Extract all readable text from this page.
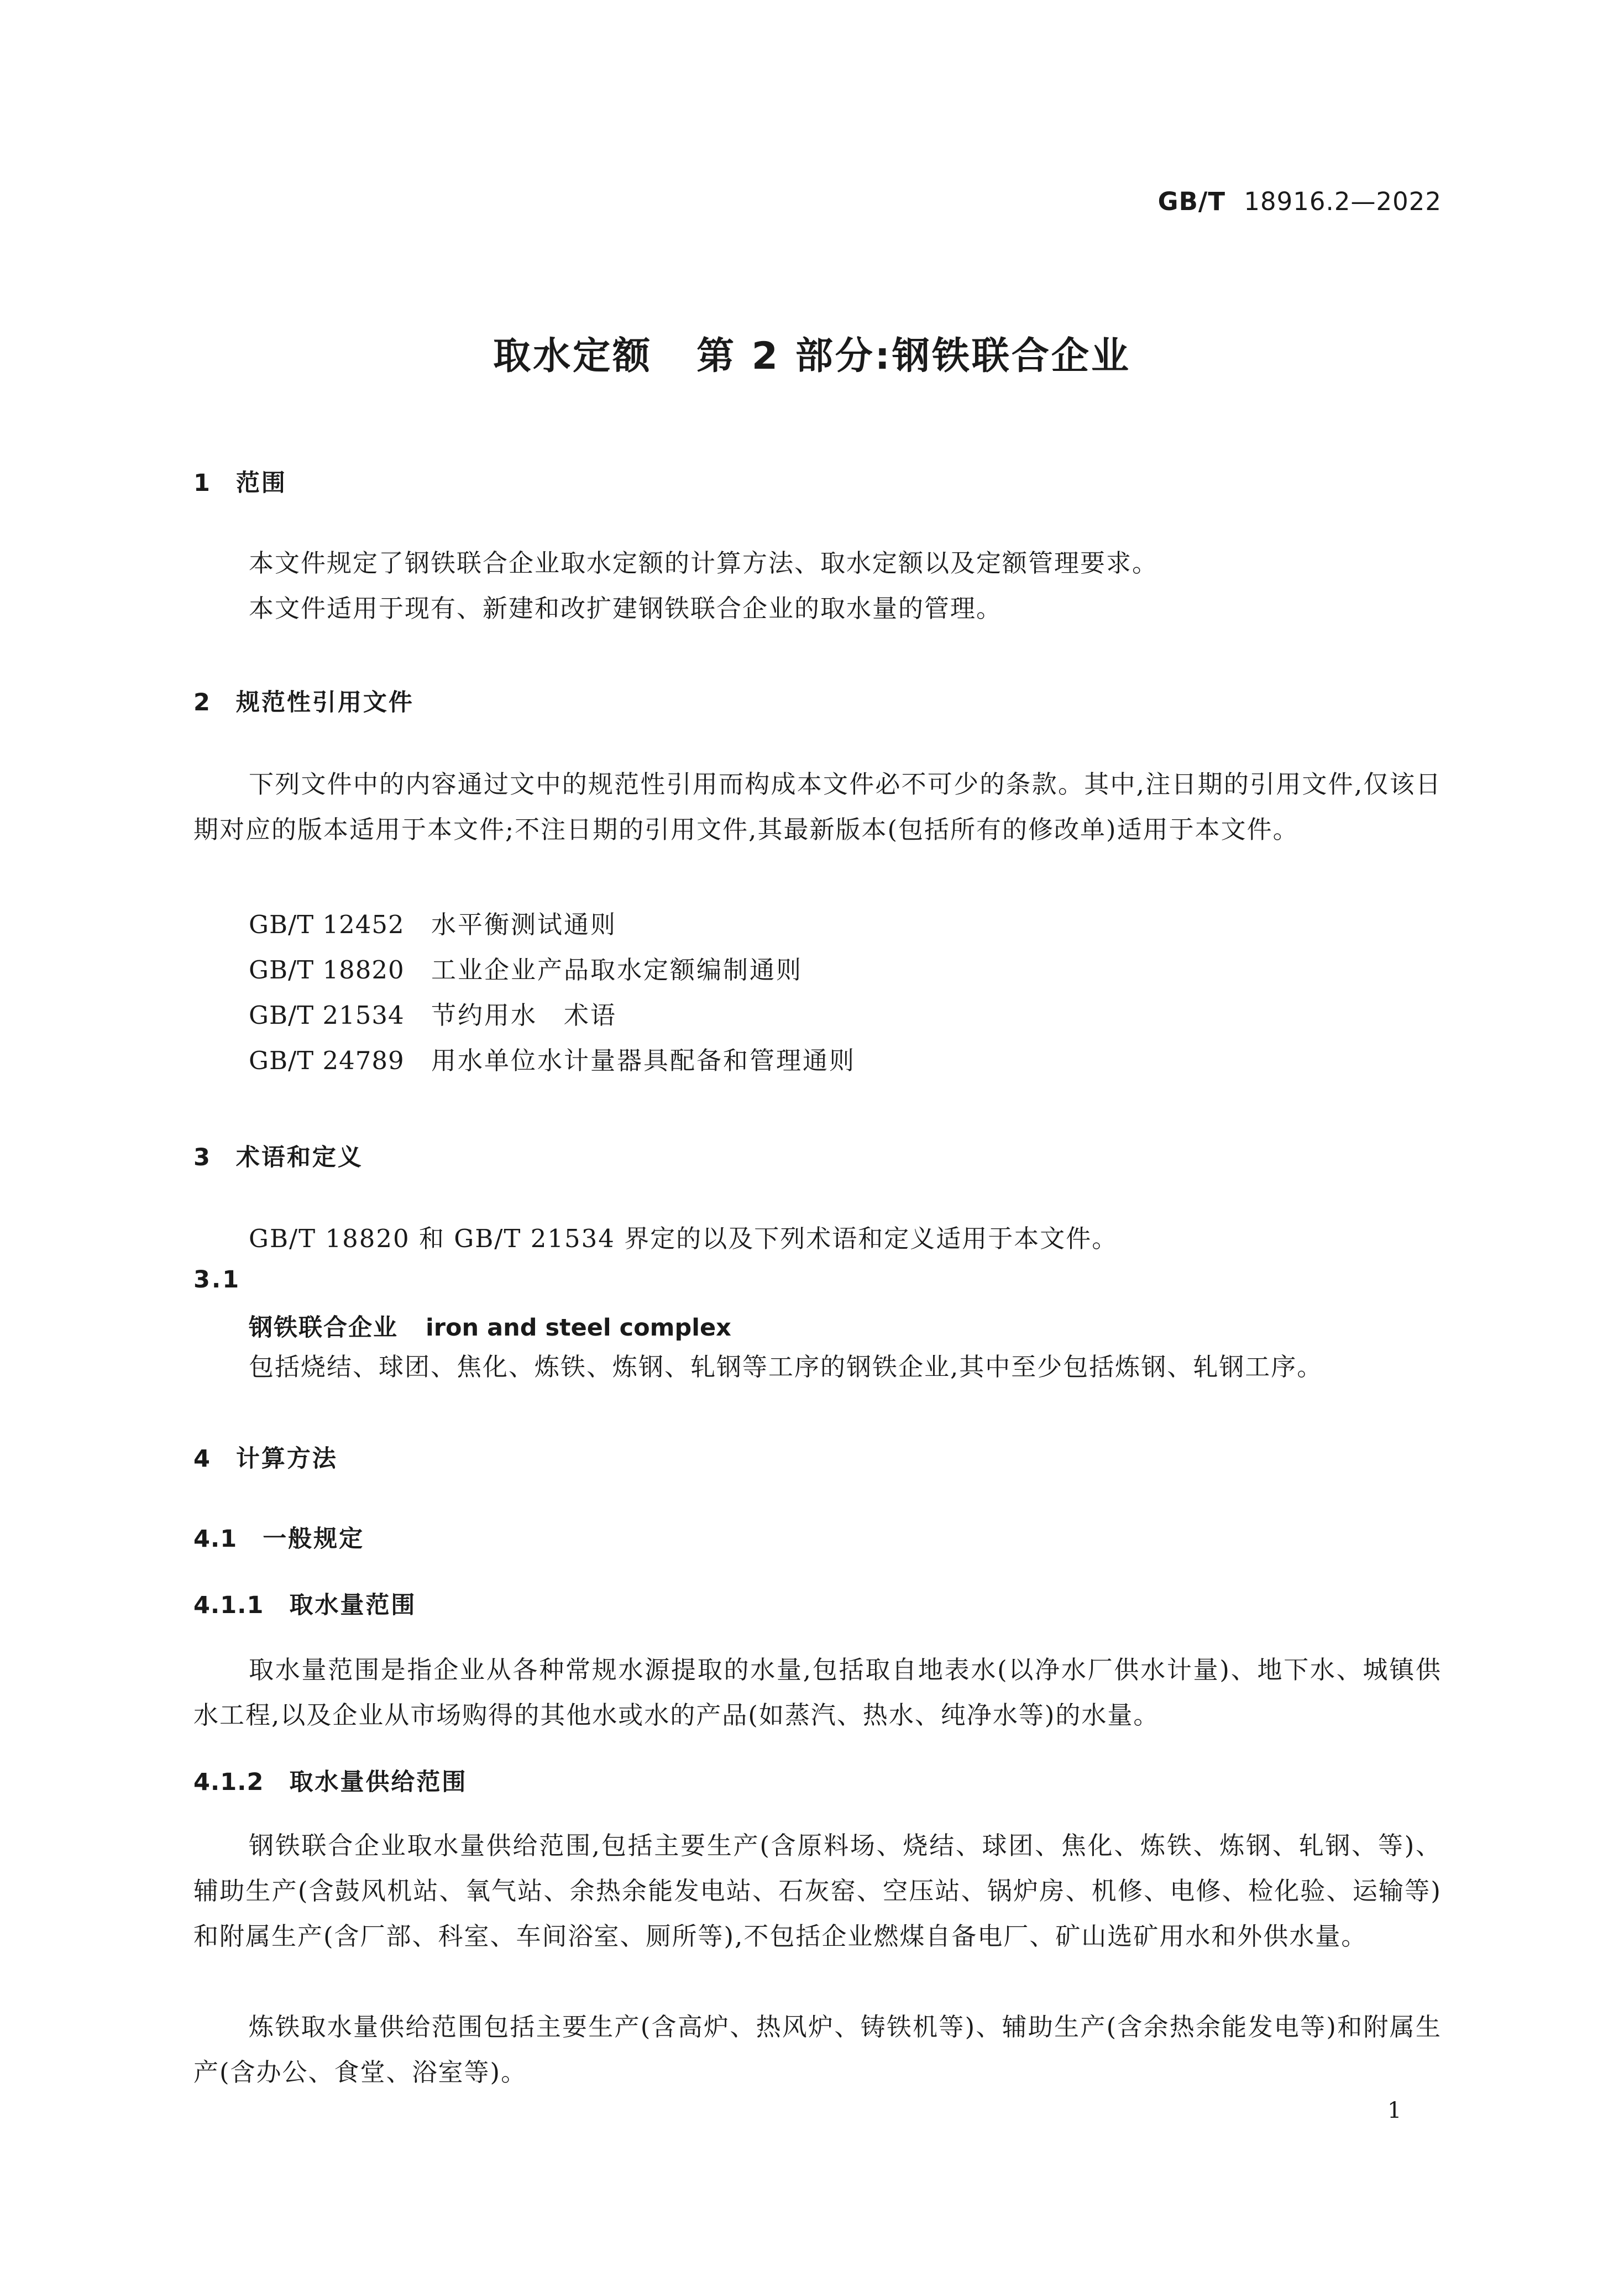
GB/T 18916.2—2022
取水定额 第 2 部分:钢铁联合企业
1 范围
本文件规定了钢铁联合企业取水定额的计算方法、取水定额以及定额管理要求。
本文件适用于现有、新建和改扩建钢铁联合企业的取水量的管理。
2 规范性引用文件
下列文件中的内容通过文中的规范性引用而构成本文件必不可少的条款。其中,注日期的引用文件,仅该日期对应的版本适用于本文件;不注日期的引用文件,其最新版本(包括所有的修改单)适用于本文件。
GB/T 12452 水平衡测试通则
GB/T 18820 工业企业产品取水定额编制通则
GB/T 21534 节约用水　术语
GB/T 24789 用水单位水计量器具配备和管理通则
3 术语和定义
GB/T 18820 和 GB/T 21534 界定的以及下列术语和定义适用于本文件。
3.1
钢铁联合企业 iron and steel complex
包括烧结、球团、焦化、炼铁、炼钢、轧钢等工序的钢铁企业,其中至少包括炼钢、轧钢工序。
4 计算方法
4.1 一般规定
4.1.1 取水量范围
取水量范围是指企业从各种常规水源提取的水量,包括取自地表水(以净水厂供水计量)、地下水、城镇供水工程,以及企业从市场购得的其他水或水的产品(如蒸汽、热水、纯净水等)的水量。
4.1.2 取水量供给范围
钢铁联合企业取水量供给范围,包括主要生产(含原料场、烧结、球团、焦化、炼铁、炼钢、轧钢、等)、辅助生产(含鼓风机站、氧气站、余热余能发电站、石灰窑、空压站、锅炉房、机修、电修、检化验、运输等)和附属生产(含厂部、科室、车间浴室、厕所等),不包括企业燃煤自备电厂、矿山选矿用水和外供水量。
炼铁取水量供给范围包括主要生产(含高炉、热风炉、铸铁机等)、辅助生产(含余热余能发电等)和附属生产(含办公、食堂、浴室等)。
1
